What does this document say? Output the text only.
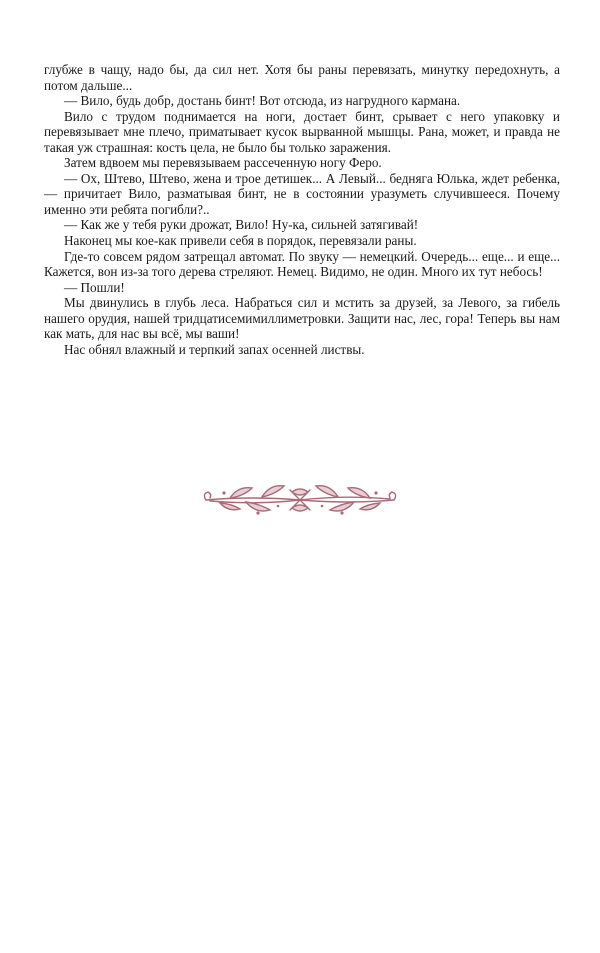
глубже в чащу, надо бы, да сил нет. Хотя бы раны перевязать, минутку передохнуть, а потом дальше...

— Вило, будь добр, достань бинт! Вот отсюда, из нагрудного кармана.

Вило с трудом поднимается на ноги, достает бинт, срывает с него упаковку и перевязывает мне плечо, приматывает кусок вырванной мышцы. Рана, может, и правда не такая уж страшная: кость цела, не было бы только заражения.

Затем вдвоем мы перевязываем рассеченную ногу Феро.

— Ох, Штево, Штево, жена и трое детишек... А Левый... бедняга Юлька, ждет ребенка,— причитает Вило, разматывая бинт, не в состоянии уразуметь случившееся. Почему именно эти ребята погибли?..

— Как же у тебя руки дрожат, Вило! Ну-ка, сильней затягивай!

Наконец мы кое-как привели себя в порядок, перевязали раны.

Где-то совсем рядом затрещал автомат. По звуку — немецкий. Очередь... еще... и еще... Кажется, вон из-за того дерева стреляют. Немец. Видимо, не один. Много их тут небось!

— Пошли!

Мы двинулись в глубь леса. Набраться сил и мстить за друзей, за Левого, за гибель нашего орудия, нашей тридцатисемимиллиметровки. Защити нас, лес, гора! Теперь вы нам как мать, для нас вы всё, мы ваши!

Нас обнял влажный и терпкий запах осенней листвы.
